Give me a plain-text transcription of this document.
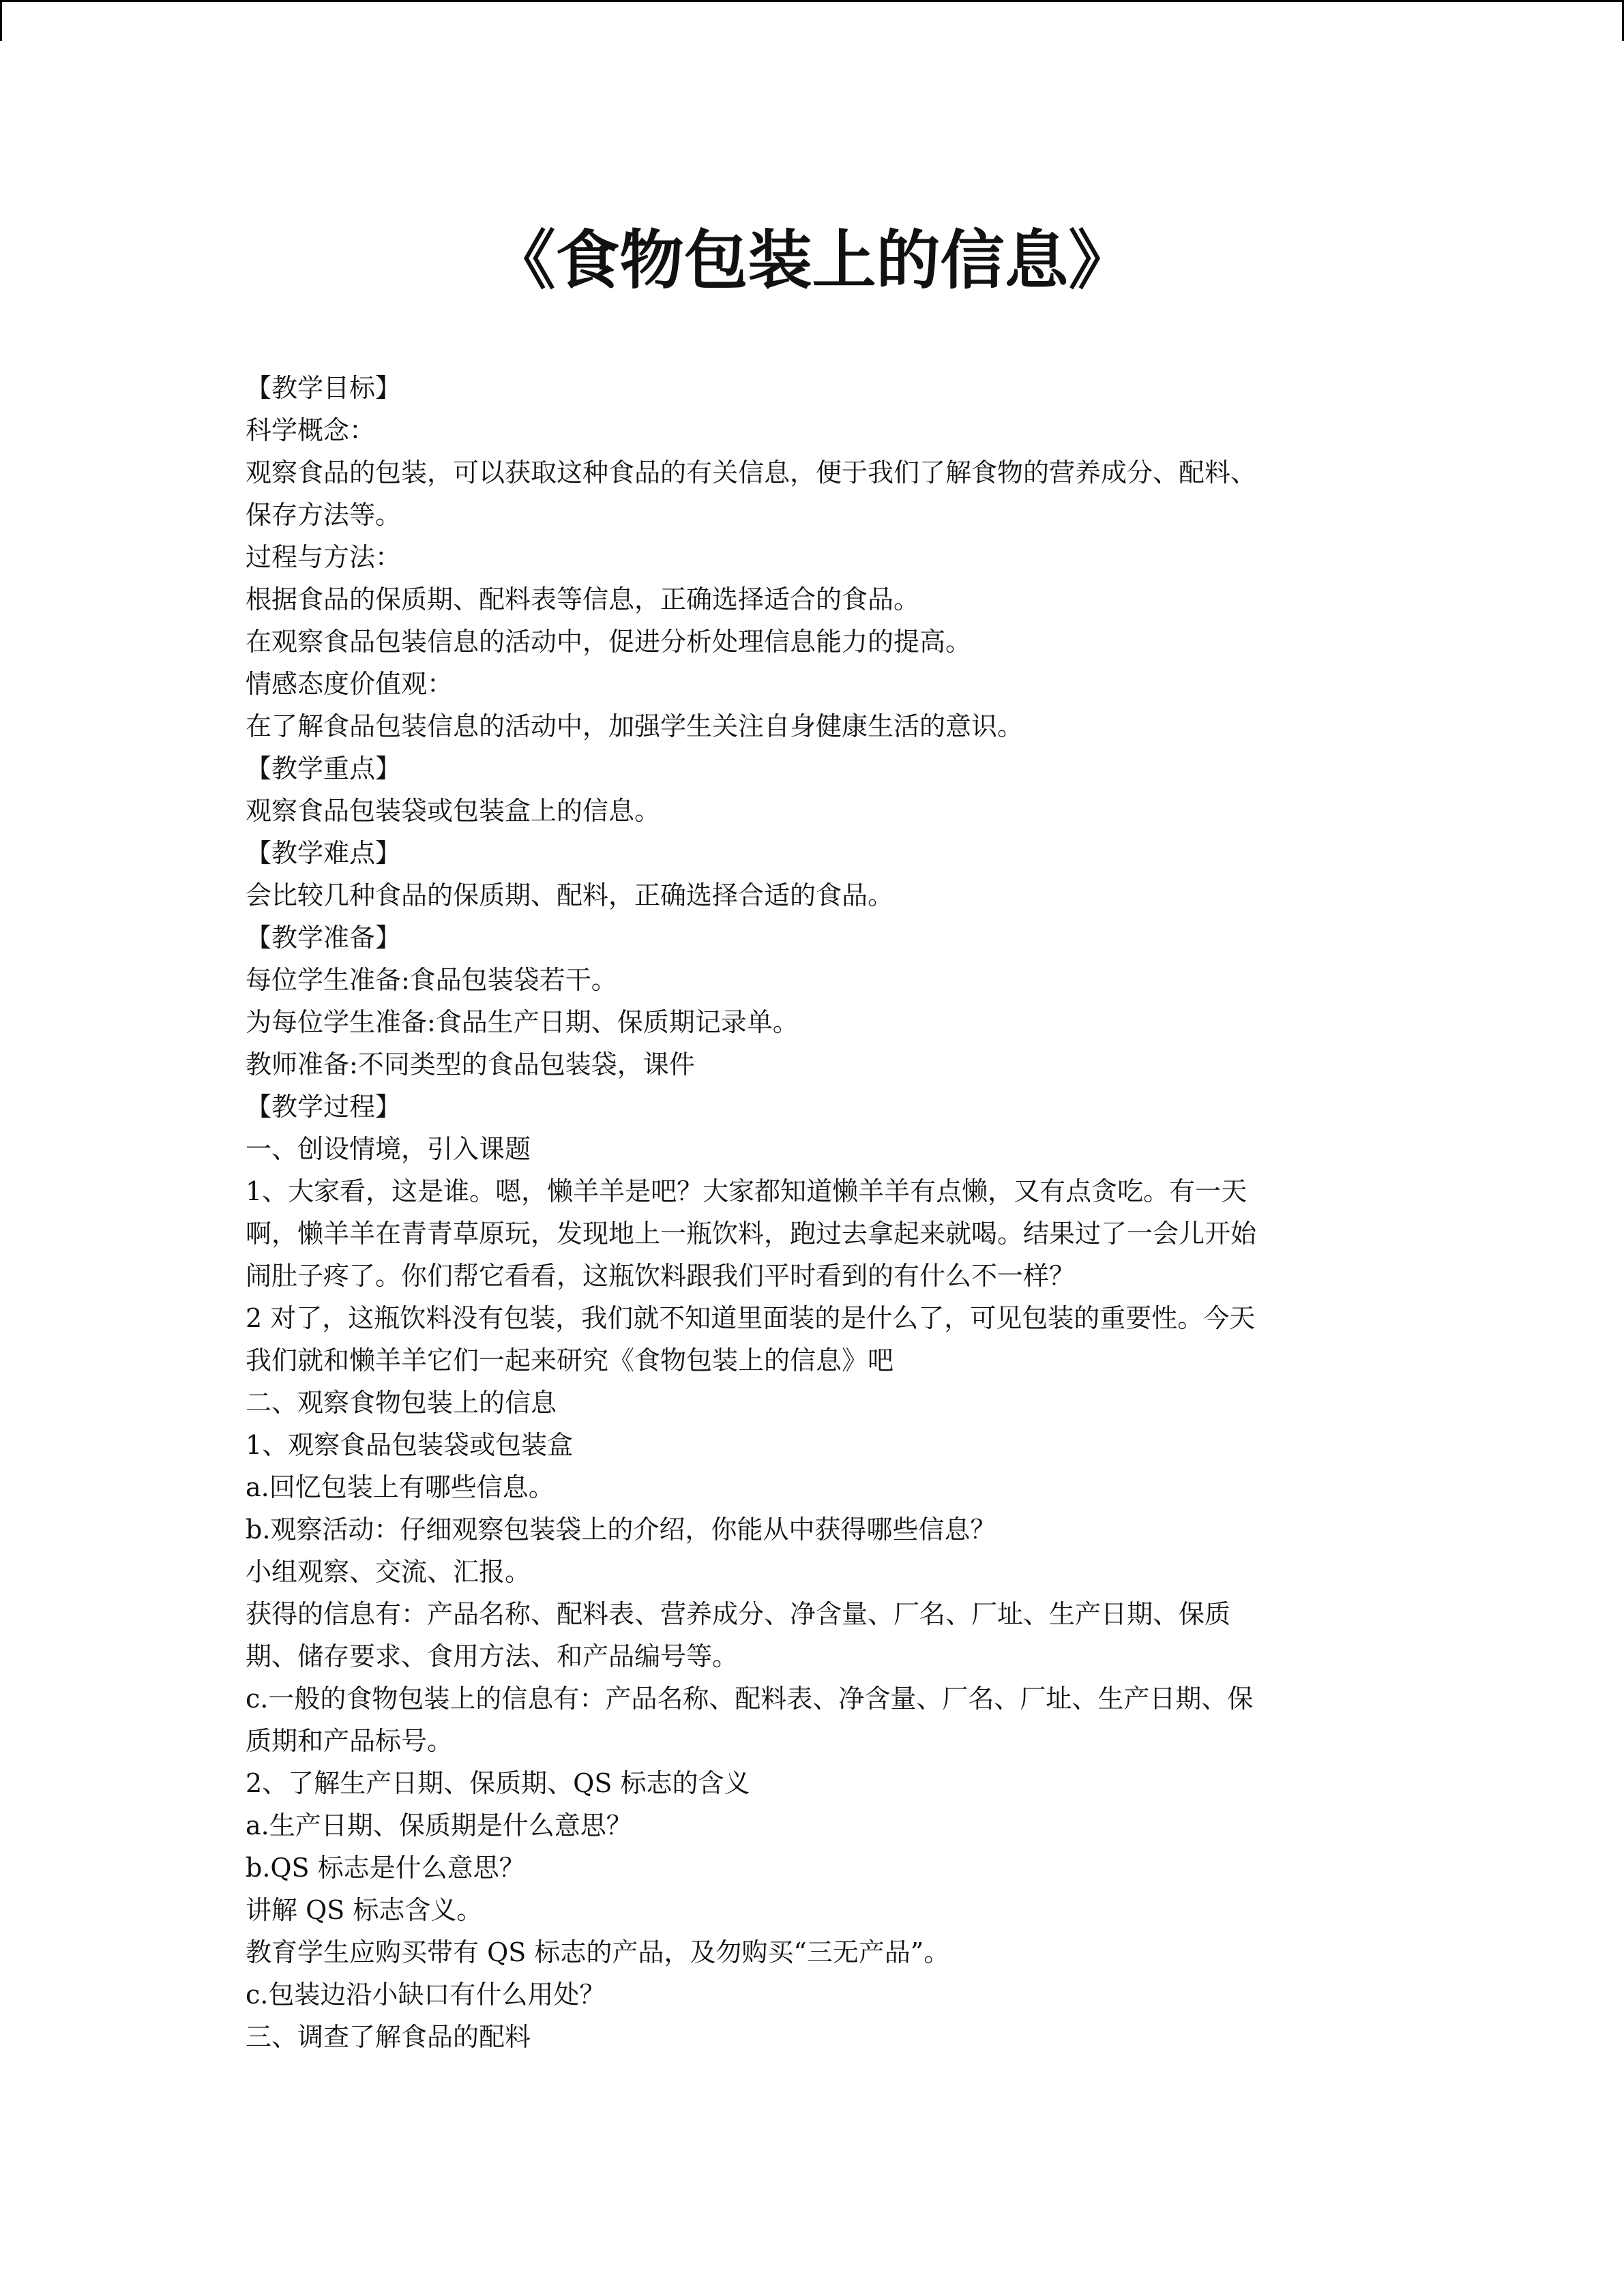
《食物包装上的信息》

【教学目标】

科学概念：

观察食品的包装，可以获取这种食品的有关信息，便于我们了解食物的营养成分、配料、

保存方法等。

过程与方法：

根据食品的保质期、配料表等信息，正确选择适合的食品。

在观察食品包装信息的活动中，促进分析处理信息能力的提高。

情感态度价值观：

在了解食品包装信息的活动中，加强学生关注自身健康生活的意识。

【教学重点】

观察食品包装袋或包装盒上的信息。

【教学难点】

会比较几种食品的保质期、配料，正确选择合适的食品。

【教学准备】

每位学生准备:食品包装袋若干。

为每位学生准备:食品生产日期、保质期记录单。

教师准备:不同类型的食品包装袋，课件

【教学过程】

一、创设情境，引入课题

1、大家看，这是谁。嗯，懒羊羊是吧？大家都知道懒羊羊有点懒，又有点贪吃。有一天

啊，懒羊羊在青青草原玩，发现地上一瓶饮料，跑过去拿起来就喝。结果过了一会儿开始

闹肚子疼了。你们帮它看看，这瓶饮料跟我们平时看到的有什么不一样？

2 对了，这瓶饮料没有包装，我们就不知道里面装的是什么了，可见包装的重要性。今天

我们就和懒羊羊它们一起来研究《食物包装上的信息》吧

二、观察食物包装上的信息

1、观察食品包装袋或包装盒

a.回忆包装上有哪些信息。

b.观察活动：仔细观察包装袋上的介绍，你能从中获得哪些信息？

小组观察、交流、汇报。

获得的信息有：产品名称、配料表、营养成分、净含量、厂名、厂址、生产日期、保质

期、储存要求、食用方法、和产品编号等。

c.一般的食物包装上的信息有：产品名称、配料表、净含量、厂名、厂址、生产日期、保

质期和产品标号。

2、了解生产日期、保质期、QS 标志的含义

a.生产日期、保质期是什么意思？

b.QS 标志是什么意思？

讲解 QS 标志含义。

教育学生应购买带有 QS 标志的产品，及勿购买“三无产品”。

c.包装边沿小缺口有什么用处？

三、调查了解食品的配料
